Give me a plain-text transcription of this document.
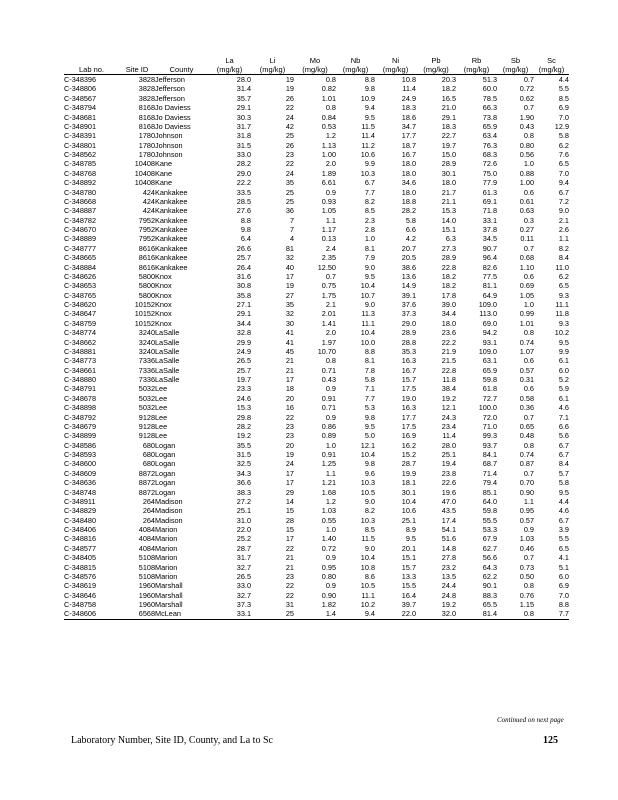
			La	Li	Mo	Nb	Ni	Pb	Rb	Sb	Sc
Lab no.	Site ID	County	(mg/kg)	(mg/kg)	(mg/kg)	(mg/kg)	(mg/kg)	(mg/kg)	(mg/kg)	(mg/kg)	(mg/kg)
C-348396	3828	Jefferson	28.0	19	0.8	8.8	10.8	20.3	51.3	0.7	4.4
C-348806	3828	Jefferson	31.4	19	0.82	9.8	11.4	18.2	60.0	0.72	5.5
C-348567	3828	Jefferson	35.7	26	1.01	10.9	24.9	16.5	78.5	0.62	8.5
C-348794	8168	Jo Daviess	29.1	22	0.8	9.4	18.3	21.0	66.3	0.7	6.9
C-348681	8168	Jo Daviess	30.3	24	0.84	9.5	18.6	29.1	73.8	1.90	7.0
C-348901	8168	Jo Daviess	31.7	42	0.53	11.5	34.7	18.3	65.9	0.43	12.9
C-348391	1780	Johnson	31.8	25	1.2	11.4	17.7	22.7	63.4	0.8	5.8
C-348801	1780	Johnson	31.5	26	1.13	11.2	18.7	19.7	76.3	0.80	6.2
C-348562	1780	Johnson	33.0	23	1.00	10.6	16.7	15.0	68.3	0.56	7.6
C-348785	10408	Kane	28.2	22	2.0	9.9	18.0	28.9	72.6	1.0	6.5
C-348768	10408	Kane	29.0	24	1.89	10.3	18.0	30.1	75.0	0.88	7.0
C-348892	10408	Kane	22.2	35	6.61	6.7	34.6	18.0	77.9	1.00	9.4
C-348780	424	Kankakee	33.5	25	0.9	7.7	18.0	21.7	61.3	0.6	6.7
C-348668	424	Kankakee	28.5	25	0.93	8.2	18.8	21.1	69.1	0.61	7.2
C-348887	424	Kankakee	27.6	36	1.05	8.5	28.2	15.3	71.8	0.63	9.0
C-348782	7952	Kankakee	8.8	7	1.1	2.3	5.8	14.0	33.1	0.3	2.1
C-348670	7952	Kankakee	9.8	7	1.17	2.8	6.6	15.1	37.8	0.27	2.6
C-348889	7952	Kankakee	6.4	4	0.13	1.0	4.2	6.3	34.5	0.11	1.1
C-348777	8616	Kankakee	26.6	81	2.4	8.1	20.7	27.3	90.7	0.7	8.2
C-348665	8616	Kankakee	25.7	32	2.35	7.9	20.5	28.9	96.4	0.68	8.4
C-348884	8616	Kankakee	26.4	40	12.50	9.0	38.6	22.8	82.6	1.10	11.0
C-348626	5800	Knox	31.6	17	0.7	9.5	13.6	18.2	77.5	0.6	6.2
C-348653	5800	Knox	30.8	19	0.75	10.4	14.9	18.2	81.1	0.69	6.5
C-348765	5800	Knox	35.8	27	1.75	10.7	39.1	17.8	64.9	1.05	9.3
C-348620	10152	Knox	27.1	35	2.1	9.0	37.6	39.0	109.0	1.0	11.1
C-348647	10152	Knox	29.1	32	2.01	11.3	37.3	34.4	113.0	0.99	11.8
C-348759	10152	Knox	34.4	30	1.41	11.1	29.0	18.0	69.0	1.01	9.3
C-348774	3240	LaSalle	32.8	41	2.0	10.4	28.9	23.6	94.2	0.8	10.2
C-348662	3240	LaSalle	29.9	41	1.97	10.0	28.8	22.2	93.1	0.74	9.5
C-348881	3240	LaSalle	24.9	45	10.70	8.8	35.3	21.9	109.0	1.07	9.9
C-348773	7336	LaSalle	26.5	21	0.8	8.1	16.3	21.5	63.1	0.6	6.1
C-348661	7336	LaSalle	25.7	21	0.71	7.8	16.7	22.8	65.9	0.57	6.0
C-348880	7336	LaSalle	19.7	17	0.43	5.8	15.7	11.8	59.8	0.31	5.2
C-348791	5032	Lee	23.3	18	0.9	7.1	17.5	38.4	61.8	0.6	5.9
C-348678	5032	Lee	24.6	20	0.91	7.7	19.0	19.2	72.7	0.58	6.1
C-348898	5032	Lee	15.3	16	0.71	5.3	16.3	12.1	100.0	0.36	4.6
C-348792	9128	Lee	29.8	22	0.9	9.8	17.7	24.3	72.0	0.7	7.1
C-348679	9128	Lee	28.2	23	0.86	9.5	17.5	23.4	71.0	0.65	6.6
C-348899	9128	Lee	19.2	23	0.89	5.0	16.9	11.4	99.3	0.48	5.6
C-348586	680	Logan	35.5	20	1.0	12.1	16.2	28.0	93.7	0.8	6.7
C-348593	680	Logan	31.5	19	0.91	10.4	15.2	25.1	84.1	0.74	6.7
C-348600	680	Logan	32.5	24	1.25	9.8	28.7	19.4	68.7	0.87	8.4
C-348609	8872	Logan	34.3	17	1.1	9.6	19.9	23.8	71.4	0.7	5.7
C-348636	8872	Logan	36.6	17	1.21	10.3	18.1	22.6	79.4	0.70	5.8
C-348748	8872	Logan	38.3	29	1.68	10.5	30.1	19.6	85.1	0.90	9.5
C-348911	264	Madison	27.2	14	1.2	9.0	10.4	47.0	64.0	1.1	4.4
C-348829	264	Madison	25.1	15	1.03	8.2	10.6	43.5	59.8	0.95	4.6
C-348480	264	Madison	31.0	28	0.55	10.3	25.1	17.4	55.5	0.57	6.7
C-348406	4084	Marion	22.0	15	1.0	8.5	8.9	54.1	53.3	0.9	3.9
C-348816	4084	Marion	25.2	17	1.40	11.5	9.5	51.6	67.9	1.03	5.5
C-348577	4084	Marion	28.7	22	0.72	9.0	20.1	14.8	62.7	0.46	6.5
C-348405	5108	Marion	31.7	21	0.9	10.4	15.1	27.8	56.6	0.7	4.1
C-348815	5108	Marion	32.7	21	0.95	10.8	15.7	23.2	64.3	0.73	5.1
C-348576	5108	Marion	26.5	23	0.80	8.6	13.3	13.5	62.2	0.50	6.0
C-348619	1960	Marshall	33.0	22	0.9	10.5	15.5	24.4	90.1	0.8	6.9
C-348646	1960	Marshall	32.7	22	0.90	11.1	16.4	24.8	88.3	0.76	7.0
C-348758	1960	Marshall	37.3	31	1.82	10.2	39.7	19.2	65.5	1.15	8.8
C-348606	6568	McLean	33.1	25	1.4	9.4	22.0	32.0	81.4	0.8	7.7
Continued on next page
Laboratory Number, Site ID, County, and La to Sc	125
